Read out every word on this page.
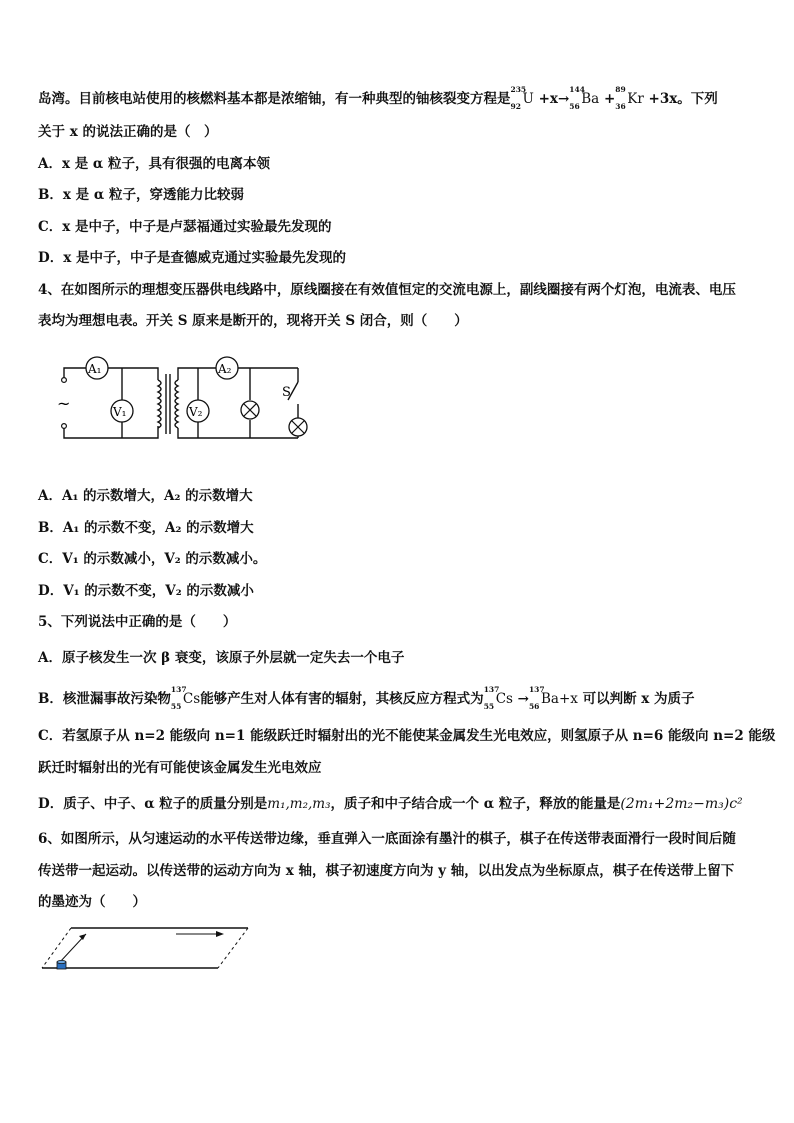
岛湾。目前核电站使用的核燃料基本都是浓缩铀，有一种典型的铀核裂变方程是
235
92 U +x→
144
56 Ba +
89
36 Kr +3x。下列
关于 x 的说法正确的是（　）
A．x 是 α 粒子，具有很强的电离本领
B．x 是 α 粒子，穿透能力比较弱
C．x 是中子，中子是卢瑟福通过实验最先发现的
D．x 是中子，中子是查德威克通过实验最先发现的
4、在如图所示的理想变压器供电线路中，原线圈接在有效值恒定的交流电源上，副线圈接有两个灯泡，电流表、电压
表均为理想电表。开关 S 原来是断开的，现将开关 S 闭合，则（　　）
~
A₁
V₁
A₂
V₂
S
A．A₁ 的示数增大，A₂ 的示数增大
B．A₁ 的示数不变，A₂ 的示数增大
C．V₁ 的示数减小，V₂ 的示数减小。
D．V₁ 的示数不变，V₂ 的示数减小
5、下列说法中正确的是（　　）
A．原子核发生一次 β 衰变，该原子外层就一定失去一个电子
B．核泄漏事故污染物
137
55 Cs能够产生对人体有害的辐射，其核反应方程式为
137
55 Cs →
137
56 Ba+x 可以判断 x 为质子
C．若氢原子从 n=2 能级向 n=1 能级跃迁时辐射出的光不能使某金属发生光电效应，则氢原子从 n=6 能级向 n=2 能级
跃迁时辐射出的光有可能使该金属发生光电效应
D．质子、中子、α 粒子的质量分别是m₁,m₂,m₃，质子和中子结合成一个 α 粒子，释放的能量是(2m₁+2m₂−m₃)c²
6、如图所示，从匀速运动的水平传送带边缘，垂直弹入一底面涂有墨汁的棋子，棋子在传送带表面滑行一段时间后随
传送带一起运动。以传送带的运动方向为 x 轴，棋子初速度方向为 y 轴，以出发点为坐标原点，棋子在传送带上留下
的墨迹为（　　）
